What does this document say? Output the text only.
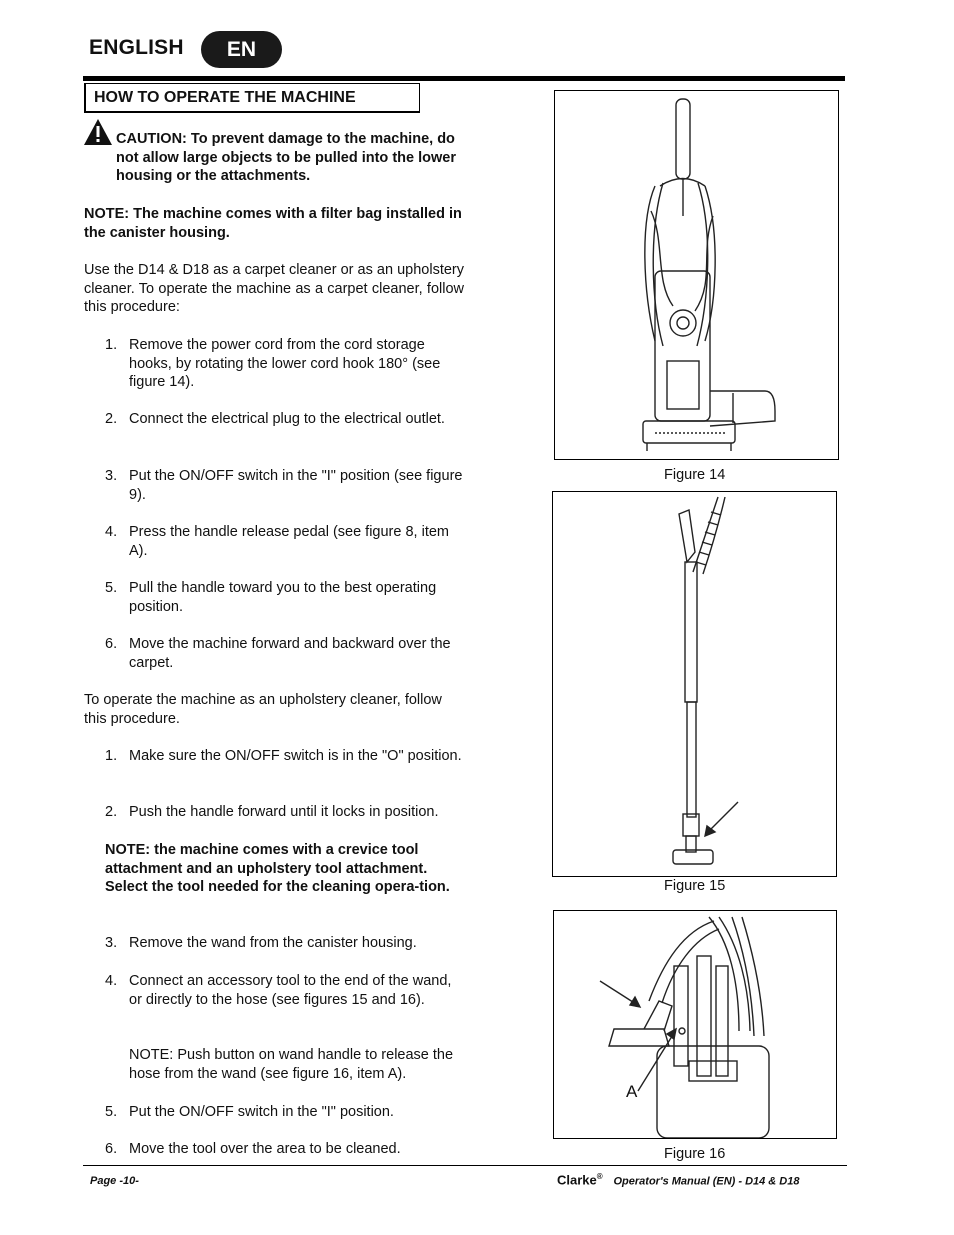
ENGLISH	EN
HOW TO OPERATE THE MACHINE
CAUTION: To prevent damage to the machine, do not allow large objects to be pulled into the lower housing or the attachments.
NOTE: The machine comes with a filter bag installed in the canister housing.
Use the D14 & D18 as a carpet cleaner or as an upholstery cleaner. To operate the machine as a carpet cleaner, follow this procedure:
1. Remove the power cord from the cord storage hooks, by rotating the lower cord hook 180° (see figure 14).
2. Connect the electrical plug to the electrical outlet.
3. Put the ON/OFF switch in the "I" position (see figure 9).
4. Press the handle release pedal (see figure 8, item A).
5. Pull the handle toward you to the best operating position.
6. Move the machine forward and backward over the carpet.
To operate the machine as an upholstery cleaner, follow this procedure.
1. Make sure the ON/OFF switch is in the "O" position.
2. Push the handle forward until it locks in position.
NOTE: the machine comes with a crevice tool attachment and an upholstery tool attachment. Select the tool needed for the cleaning opera-tion.
3. Remove the wand from the canister housing.
4. Connect an accessory tool to the end of the wand, or directly to the hose (see figures 15 and 16).
NOTE: Push button on wand handle to release the hose from the wand (see figure 16, item A).
5. Put the ON/OFF switch in the "I" position.
6. Move the tool over the area to be cleaned.
Figure 14
Figure 15
A
Figure 16
Page -10-	Clarke® Operator's Manual (EN) - D14 & D18
